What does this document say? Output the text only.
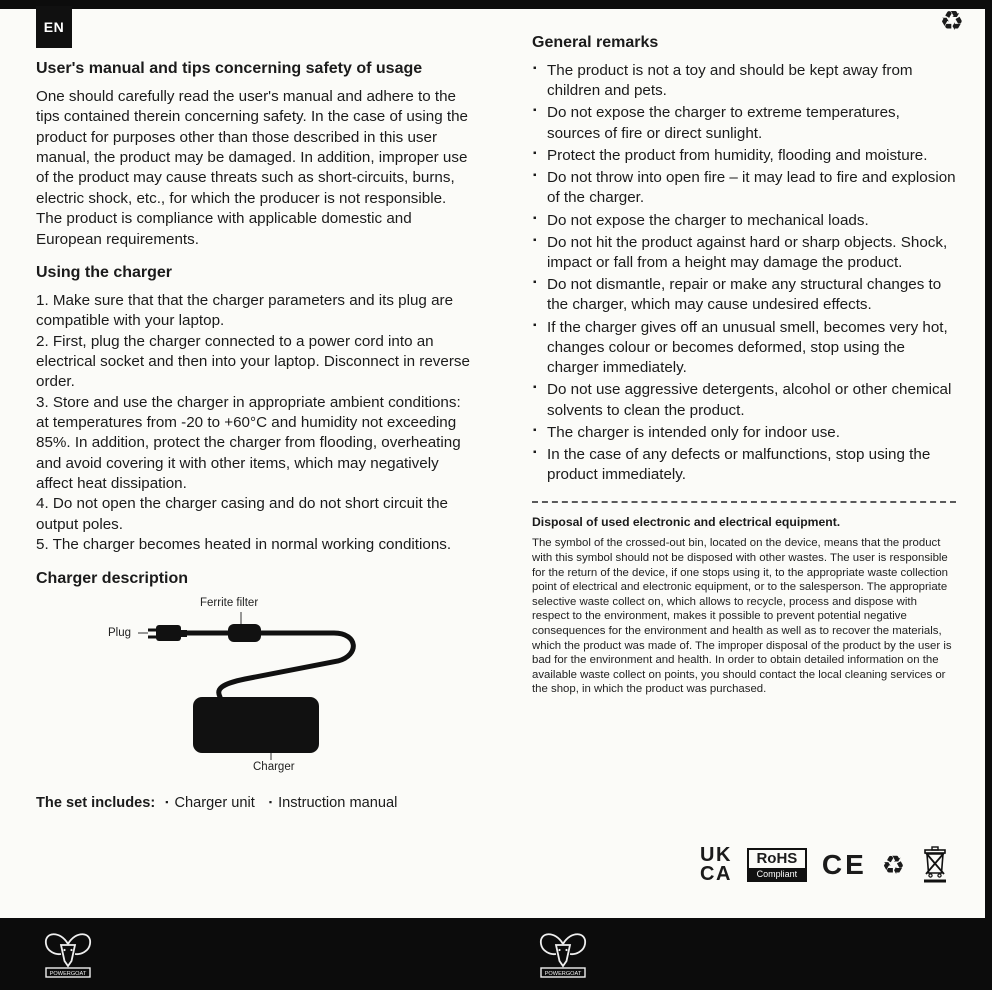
EN	♻
User's manual and tips concerning safety of usage

One should carefully read the user's manual and adhere to the tips contained therein concerning safety. In the case of using the product for purposes other than those described in this user manual, the product may be damaged. In addition, improper use of the product may cause threats such as short-circuits, burns, electric shock, etc., for which the producer is not responsible. The product is compliance with applicable domestic and European requirements.

Using the charger

1. Make sure that that the charger parameters and its plug are compatible with your laptop.

2. First, plug the charger connected to a power cord into an electrical socket and then into your laptop. Disconnect in reverse order.

3. Store and use the charger in appropriate ambient conditions: at temperatures from -20 to +60°C and humidity not exceeding 85%. In addition, protect the charger from flooding, overheating and avoid covering it with other items, which may negatively affect heat dissipation.

4. Do not open the charger casing and do not short circuit the output poles.

5. The charger becomes heated in normal working conditions.

Charger description
Ferrite filter
Plug
Charger
The set includes: ▪ Charger unit ▪ Instruction manual
General remarks
▪ The product is not a toy and should be kept away from children and pets.
▪ Do not expose the charger to extreme temperatures, sources of fire or direct sunlight.
▪ Protect the product from humidity, flooding and moisture.
▪ Do not throw into open fire – it may lead to fire and explosion of the charger.
▪ Do not expose the charger to mechanical loads.
▪ Do not hit the product against hard or sharp objects. Shock, impact or fall from a height may damage the product.
▪ Do not dismantle, repair or make any structural changes to the charger, which may cause undesired effects.
▪ If the charger gives off an unusual smell, becomes very hot, changes colour or becomes deformed, stop using the charger immediately.
▪ Do not use aggressive detergents, alcohol or other chemical solvents to clean the product.
▪ The charger is intended only for indoor use.
▪ In the case of any defects or malfunctions, stop using the product immediately.
Disposal of used electronic and electrical equipment.

The symbol of the crossed-out bin, located on the device, means that the product with this symbol should not be disposed with other wastes. The user is responsible for the return of the device, if one stops using it, to the appropriate waste collection point of electrical and electronic equipment, or to the salesperson. The appropriate selective waste collect on, which allows to recycle, process and dispose with respect to the environment, makes it possible to prevent potential negative consequences for the environment and health as well as to recover the materials, which the product was made of. The improper disposal of the product by the user is bad for the environment and health. In order to obtain detailed information on the available waste collect on points, you should contact the local cleaning services or the shop, in which the product was purchased.

UK
CA
RoHS
Compliant CE ♻
POWERGOAT	POWERGOAT
